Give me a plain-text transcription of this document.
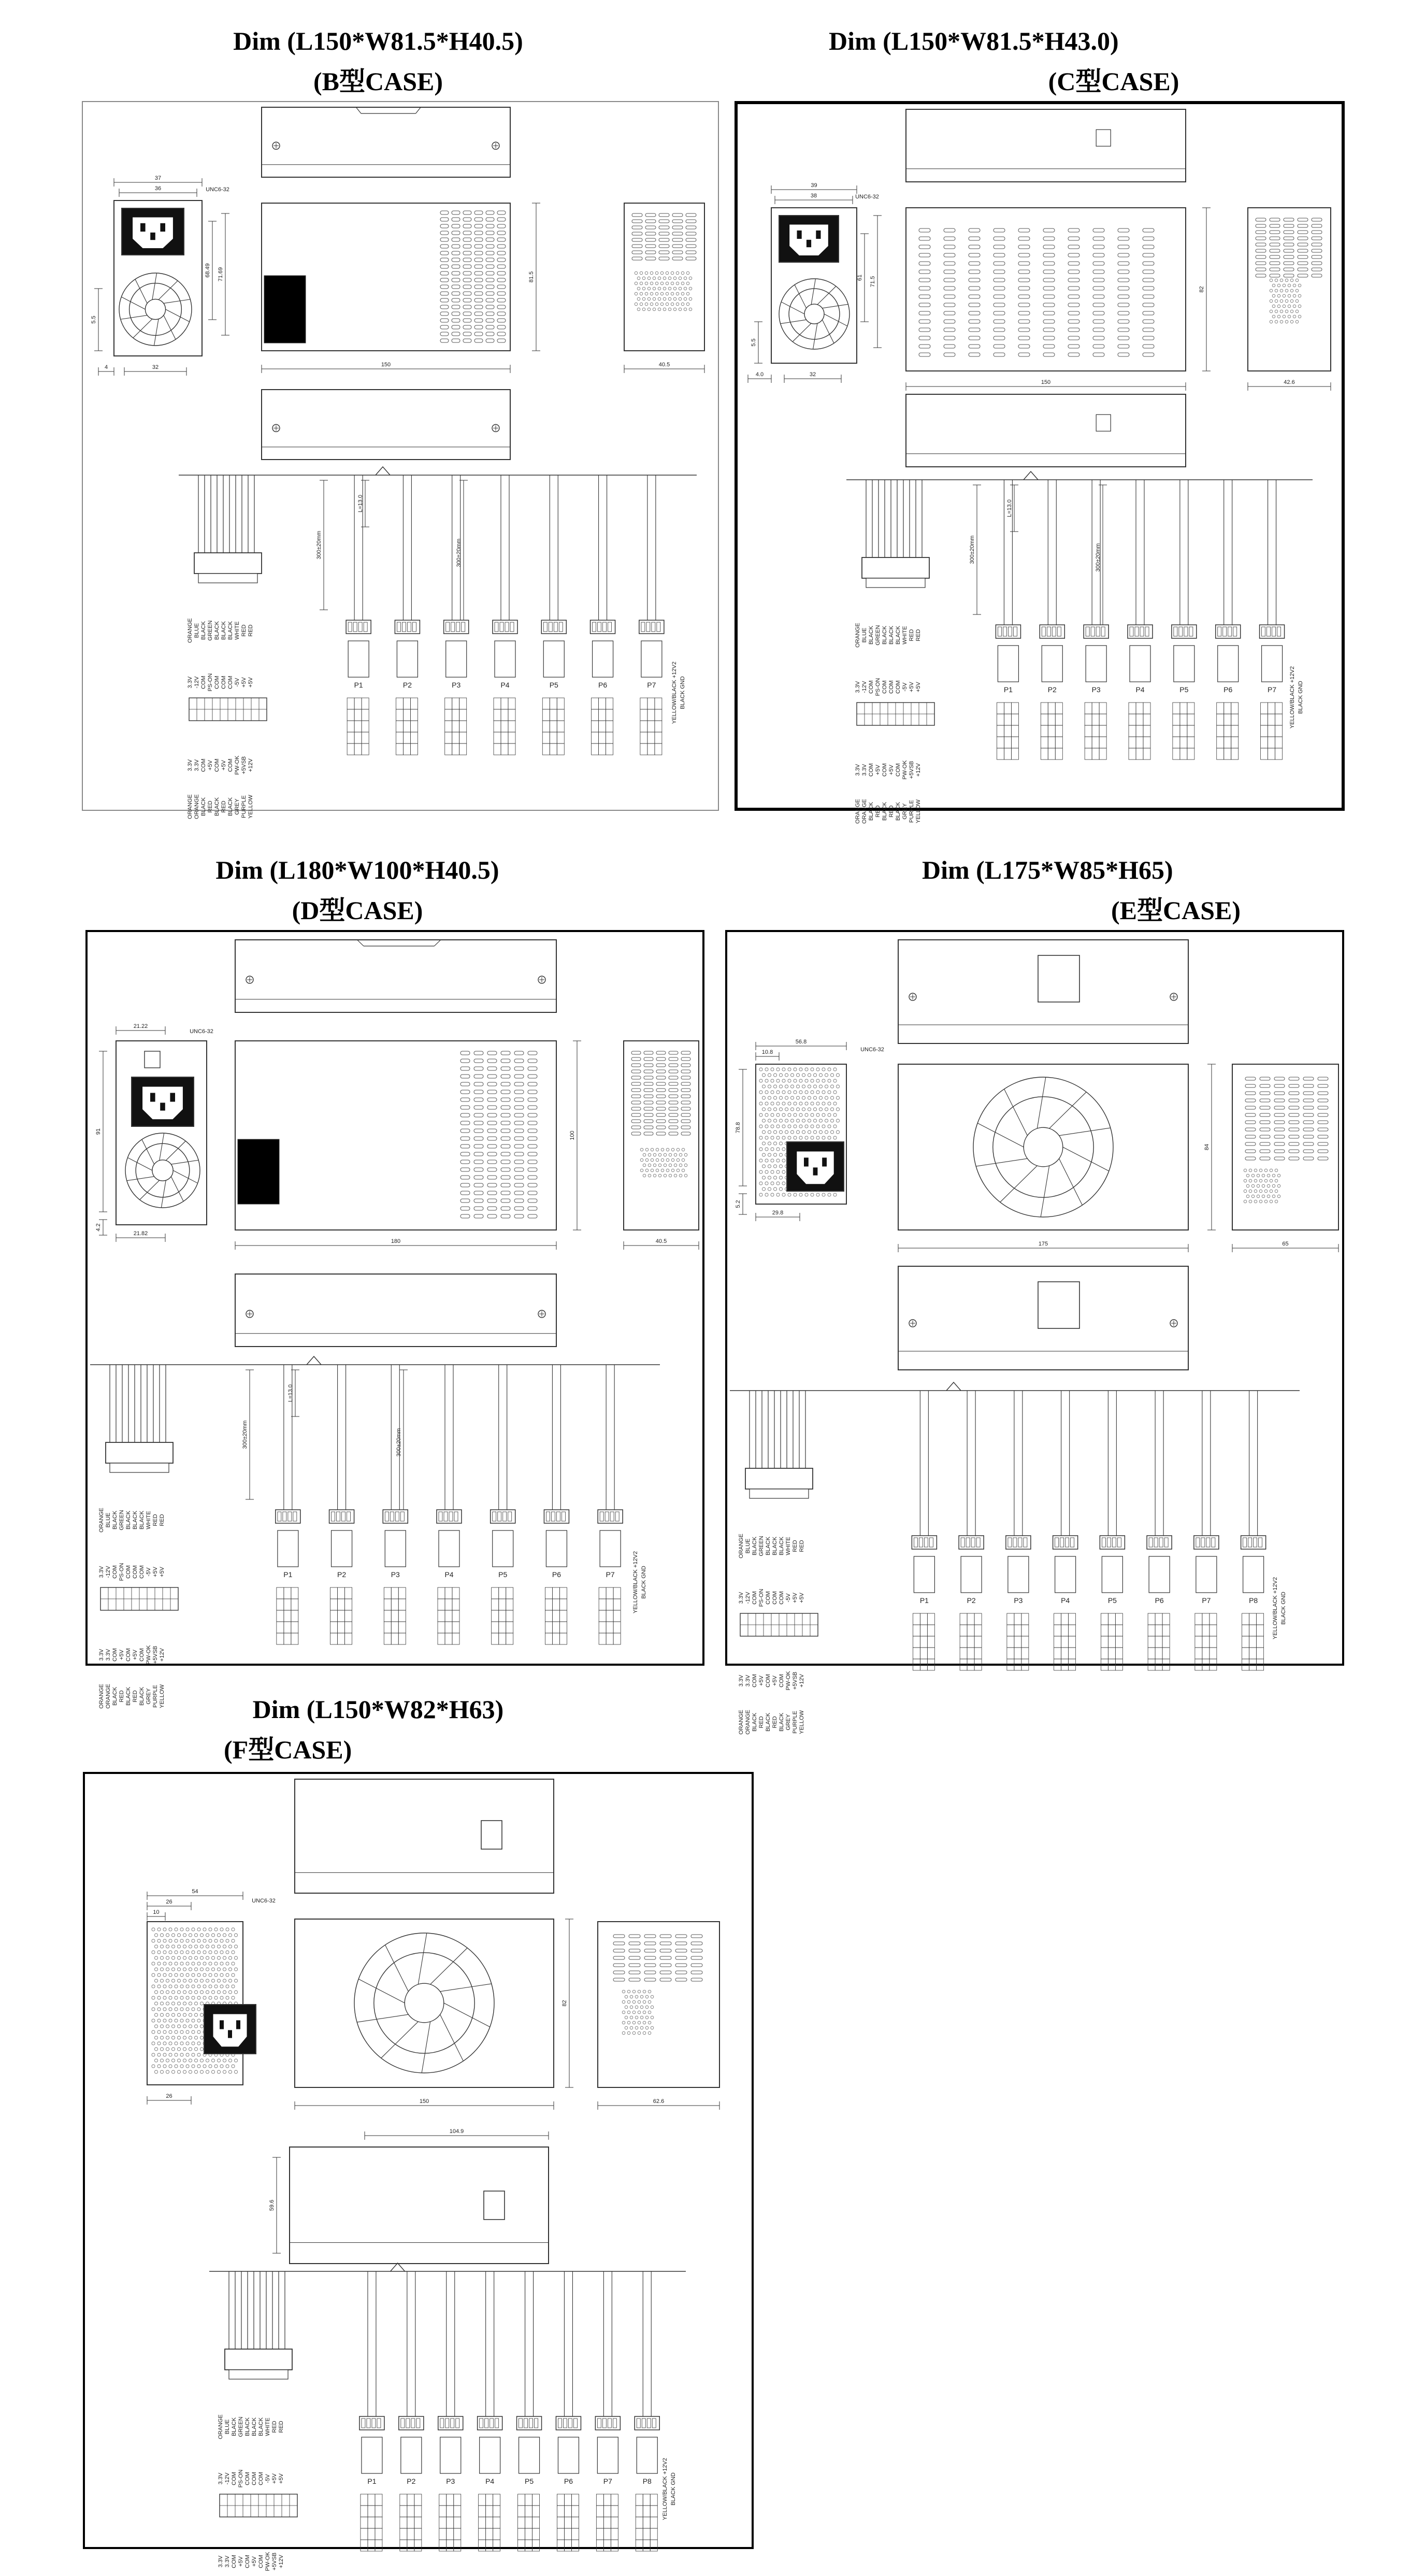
Dim (L150*W81.5*H40.5)
(B型CASE)
Dim (L150*W81.5*H43.0)
(C型CASE)
Dim (L180*W100*H40.5)
(D型CASE)
Dim (L175*W85*H65)
(E型CASE)
Dim (L150*W82*H63)
(F型CASE)
37
36	UNC6-32
68.49 71.69
5.5
4	32
81.5
150	40.5
ORANGE
3.3V
BLUE
-12V
BLACK
COM
GREEN
PS-ON
BLACK
COM
BLACK
COM
BLACK
COM
WHITE
-5V
RED
+5V
RED
+5V
3.3V
ORANGE
3.3V
ORANGE
COM
BLACK
+5V
RED
COM
BLACK
+5V
RED
COM
BLACK
PW-OK
GREY
+5VSB
PURPLE
+12V
YELLOW
L=13.0
300±20mm	300±20mm
P1	P2	P3	P4	P5	P6	P7	YELLOW/BLACK +12V2 BLACK GND
39
38	UNC6-32
61 71.5
5.5
4.0	32
82
150	42.6
ORANGE
3.3V
BLUE
-12V
BLACK
COM
GREEN
PS-ON
BLACK
COM
BLACK
COM
BLACK
COM
WHITE
-5V
RED
+5V
RED
+5V
3.3V
ORANGE
3.3V
ORANGE
COM
BLACK
+5V
RED
COM
BLACK
+5V
RED
COM
BLACK
PW-OK
GREY
+5VSB
PURPLE
+12V
YELLOW
L=13.0
300±20mm	300±20mm
P1	P2	P3	P4	P5	P6	P7 YELLOW/BLACK +12V2 BLACK GND
21.22
UNC6-32
91
4.2
21.82
100
180	40.5
ORANGE
3.3V
BLUE
-12V
BLACK
COM
GREEN
PS-ON
BLACK
COM
BLACK
COM
BLACK
COM
WHITE
-5V
RED
+5V
RED
+5V
3.3V
ORANGE
3.3V
ORANGE
COM
BLACK
+5V
RED
COM
BLACK
+5V
RED
COM
BLACK
PW-OK
GREY
+5VSB
PURPLE
+12V
YELLOW
L=13.0
300±20mm	300±20mm
P1	P2	P3	P4	P5	P6	P7	YELLOW/BLACK +12V2 BLACK GND
56.8
10.8	UNC6-32
78.8
5.2
29.8
84
175	65
ORANGE
3.3V
BLUE
-12V
BLACK
COM
GREEN
PS-ON
BLACK
COM
BLACK
COM
BLACK
COM
WHITE
-5V
RED
+5V
RED
+5V
3.3V
ORANGE
3.3V
ORANGE
COM
BLACK
+5V
RED
COM
BLACK
+5V
RED
COM
BLACK
PW-OK
GREY
+5VSB
PURPLE
+12V
YELLOW
P1	P2	P3	P4	P5	P6	P7	P8	YELLOW/BLACK +12V2 BLACK GND
54
26
10
UNC6-32
26
82
150	62.6
104.9
59.6
ORANGE
3.3V
BLUE
-12V
BLACK
COM
GREEN
PS-ON
BLACK
COM
BLACK
COM
BLACK
COM
WHITE
-5V
RED
+5V
RED
+5V
3.3V 3.3V COM +5V COM +5V COM PW-OK +5VSB +12V
P1	P2	P3	P4	P5	P6	P7	P8 YELLOW/BLACK +12V2 BLACK GND
